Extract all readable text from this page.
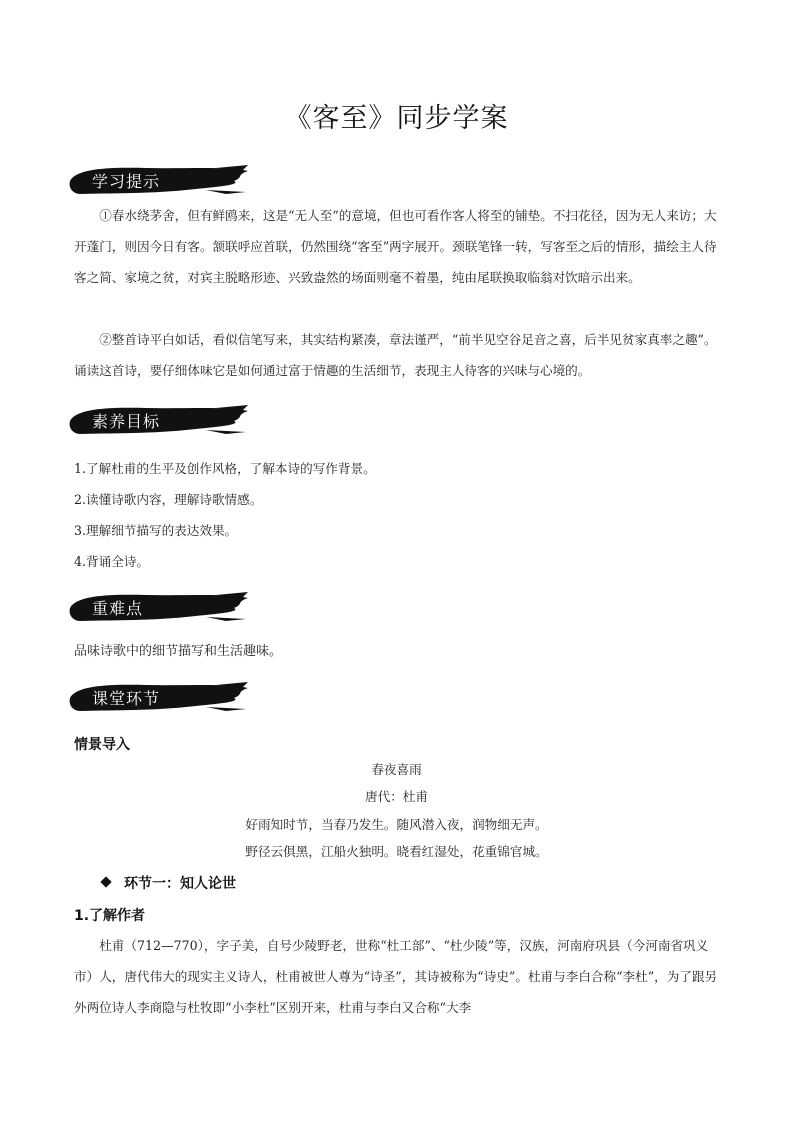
《客至》同步学案
学习提示

①春水绕茅舍，但有鲜鸥来，这是“无人至”的意境，但也可看作客人将至的铺垫。不扫花径，因为无人来访；大开蓬门，则因今日有客。颔联呼应首联，仍然围绕“客至”两字展开。颈联笔锋一转，写客至之后的情形，描绘主人待客之简、家境之贫，对宾主脱略形迹、兴致盎然的场面则毫不着墨，纯由尾联换取临翁对饮暗示出来。

②整首诗平白如话，看似信笔写来，其实结构紧凑，章法谨严，“前半见空谷足音之喜，后半见贫家真率之趣”。诵读这首诗，要仔细体味它是如何通过富于情趣的生活细节，表现主人待客的兴味与心境的。

素养目标
1.了解杜甫的生平及创作风格，了解本诗的写作背景。
2.读懂诗歌内容，理解诗歌情感。
3.理解细节描写的表达效果。
4.背诵全诗。
重难点
品味诗歌中的细节描写和生活趣味。
课堂环节
情景导入
春夜喜雨
唐代：杜甫
好雨知时节，当春乃发生。随风潜入夜，润物细无声。
野径云俱黑，江船火独明。晓看红湿处，花重锦官城。
环节一：知人论世
1.了解作者

杜甫（712—770），字子美，自号少陵野老，世称“杜工部”、“杜少陵”等，汉族，河南府巩县（今河南省巩义市）人，唐代伟大的现实主义诗人，杜甫被世人尊为“诗圣”，其诗被称为“诗史”。杜甫与李白合称“李杜”，为了跟另外两位诗人李商隐与杜牧即“小李杜”区别开来，杜甫与李白又合称“大李
